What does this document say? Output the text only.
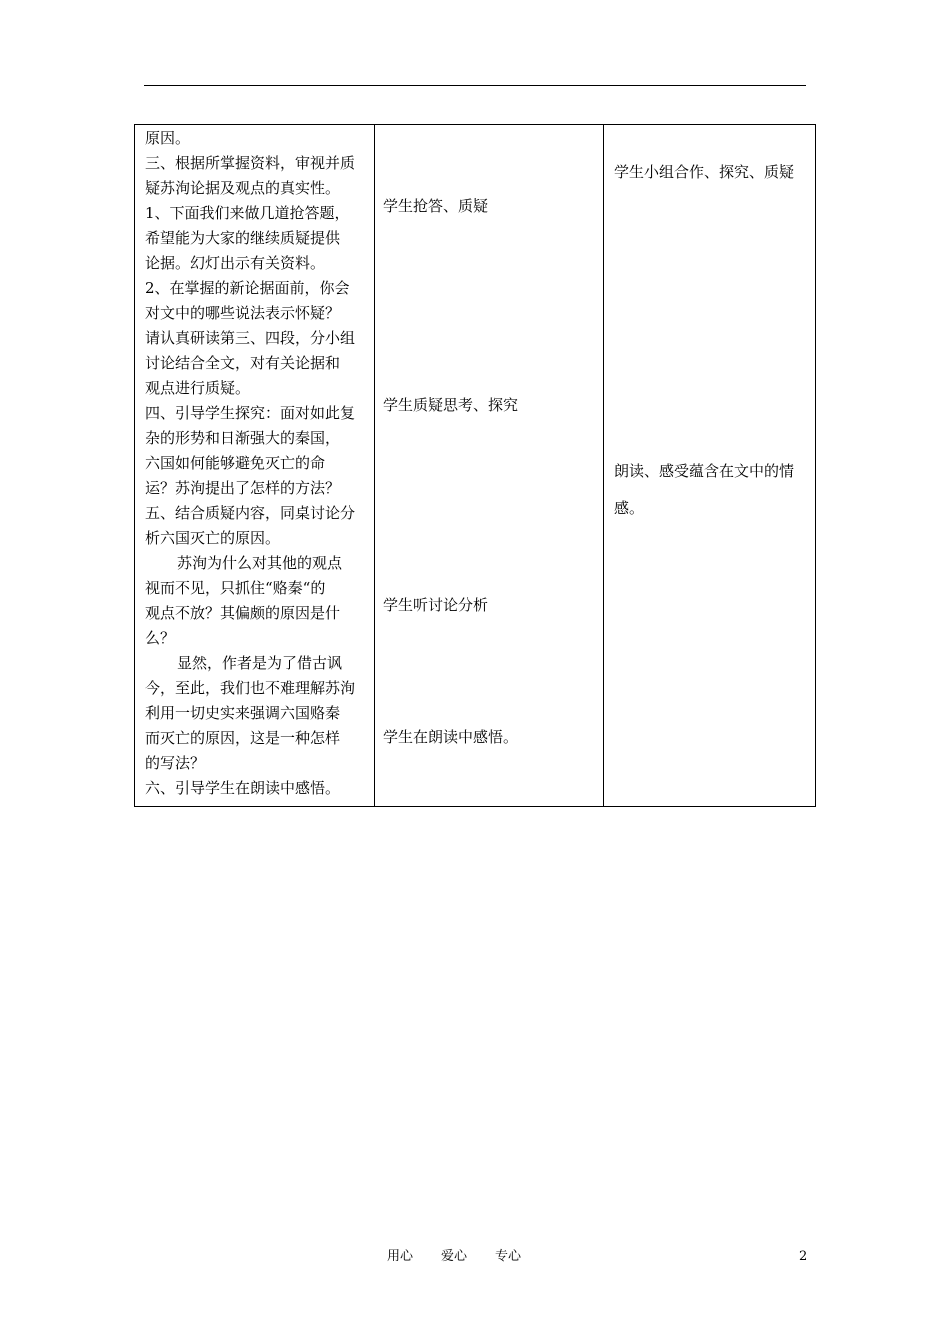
原因。
三、根据所掌握资料，审视并质
疑苏洵论据及观点的真实性。
1、下面我们来做几道抢答题，
希望能为大家的继续质疑提供
论据。幻灯出示有关资料。
2、在掌握的新论据面前，你会
对文中的哪些说法表示怀疑？
请认真研读第三、四段，分小组
讨论结合全文，对有关论据和
观点进行质疑。
四、引导学生探究：面对如此复
杂的形势和日渐强大的秦国，
六国如何能够避免灭亡的命
运？苏洵提出了怎样的方法？
五、结合质疑内容，同桌讨论分
析六国灭亡的原因。
苏洵为什么对其他的观点
视而不见，只抓住“赂秦“的
观点不放？其偏颇的原因是什
么？
显然，作者是为了借古讽
今，至此，我们也不难理解苏洵
利用一切史实来强调六国赂秦
而灭亡的原因，这是一种怎样
的写法？
六、引导学生在朗读中感悟。
学生抢答、质疑
学生质疑思考、探究
学生听讨论分析
学生在朗读中感悟。
学生小组合作、探究、质疑
朗读、感受蕴含在文中的情
感。
用心 爱心 专心	2
